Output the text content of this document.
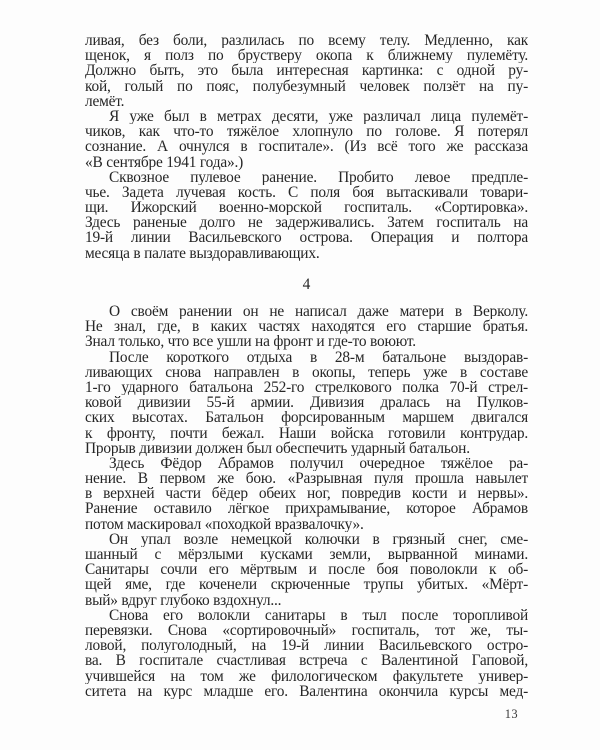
ливая, без боли, разлилась по всему телу. Медленно, как
щенок, я полз по брустверу окопа к ближнему пулемёту.
Должно быть, это была интересная картинка: с одной ру-
кой, голый по пояс, полубезумный человек ползёт на пу-
лемёт.
Я уже был в метрах десяти, уже различал лица пулемёт-
чиков, как что-то тяжёлое хлопнуло по голове. Я потерял
сознание. А очнулся в госпитале». (Из всё того же рассказа
«В сентябре 1941 года».)
Сквозное пулевое ранение. Пробито левое предпле-
чье. Задета лучевая кость. С поля боя вытаскивали товари-
щи. Ижорский военно-морской госпиталь. «Сортировка».
Здесь раненые долго не задерживались. Затем госпиталь на
19-й линии Васильевского острова. Операция и полтора
месяца в палате выздоравливающих.
4
О своём ранении он не написал даже матери в Верколу.
Не знал, где, в каких частях находятся его старшие братья.
Знал только, что все ушли на фронт и где-то воюют.
После короткого отдыха в 28-м батальоне выздорав-
ливающих снова направлен в окопы, теперь уже в составе
1-го ударного батальона 252-го стрелкового полка 70-й стрел-
ковой дивизии 55-й армии. Дивизия дралась на Пулков-
ских высотах. Батальон форсированным маршем двигался
к фронту, почти бежал. Наши войска готовили контрудар.
Прорыв дивизии должен был обеспечить ударный батальон.
Здесь Фёдор Абрамов получил очередное тяжёлое ра-
нение. В первом же бою. «Разрывная пуля прошла навылет
в верхней части бёдер обеих ног, повредив кости и нервы».
Ранение оставило лёгкое прихрамывание, которое Абрамов
потом маскировал «походкой вразвалочку».
Он упал возле немецкой колючки в грязный снег, сме-
шанный с мёрзлыми кусками земли, вырванной минами.
Санитары сочли его мёртвым и после боя поволокли к об-
щей яме, где коченели скрюченные трупы убитых. «Мёрт-
вый» вдруг глубоко вздохнул...
Снова его волокли санитары в тыл после торопливой
перевязки. Снова «сортировочный» госпиталь, тот же, ты-
ловой, полуголодный, на 19-й линии Васильевского остро-
ва. В госпитале счастливая встреча с Валентиной Гаповой,
учившейся на том же филологическом факультете универ-
ситета на курс младше его. Валентина окончила курсы мед-
13
